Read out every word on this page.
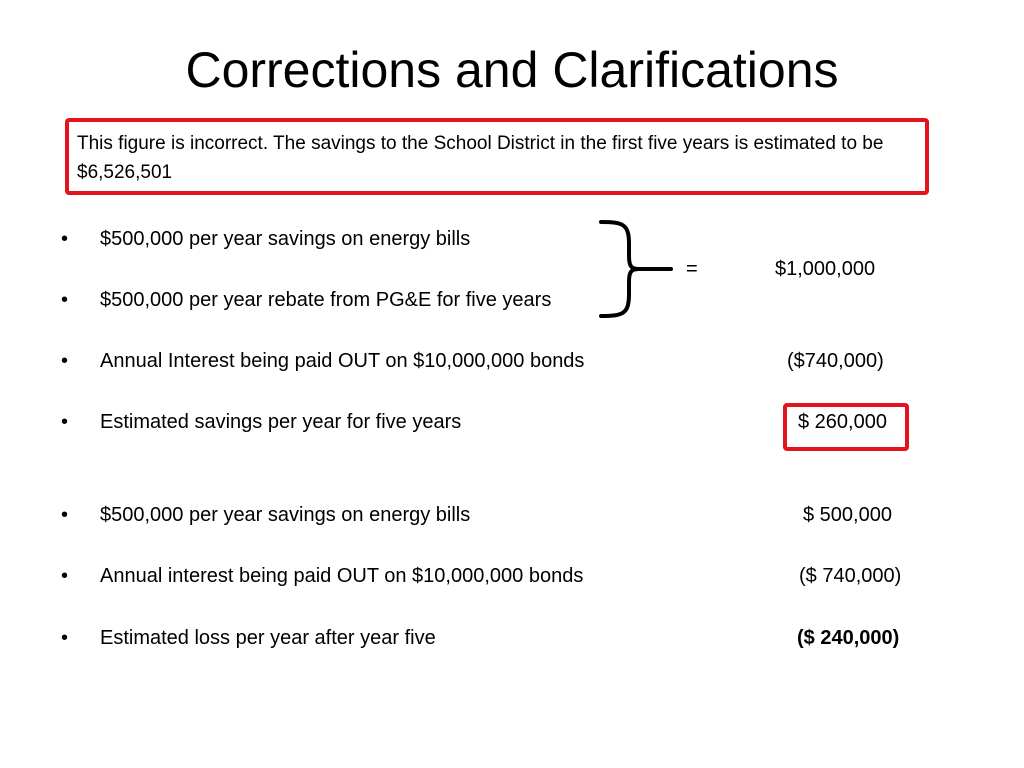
Corrections and Clarifications
This figure is incorrect. The savings to the School District in the first five years is estimated to be $6,526,501
• $500,000 per year savings on energy bills
• $500,000 per year rebate from PG&E for five years
=	$1,000,000
• Annual Interest being paid OUT on $10,000,000 bonds	($740,000)
• Estimated savings per year for five years	$ 260,000
• $500,000 per year savings on energy bills	$ 500,000
• Annual interest being paid OUT on $10,000,000 bonds	($ 740,000)
• Estimated loss per year after year five	($ 240,000)
